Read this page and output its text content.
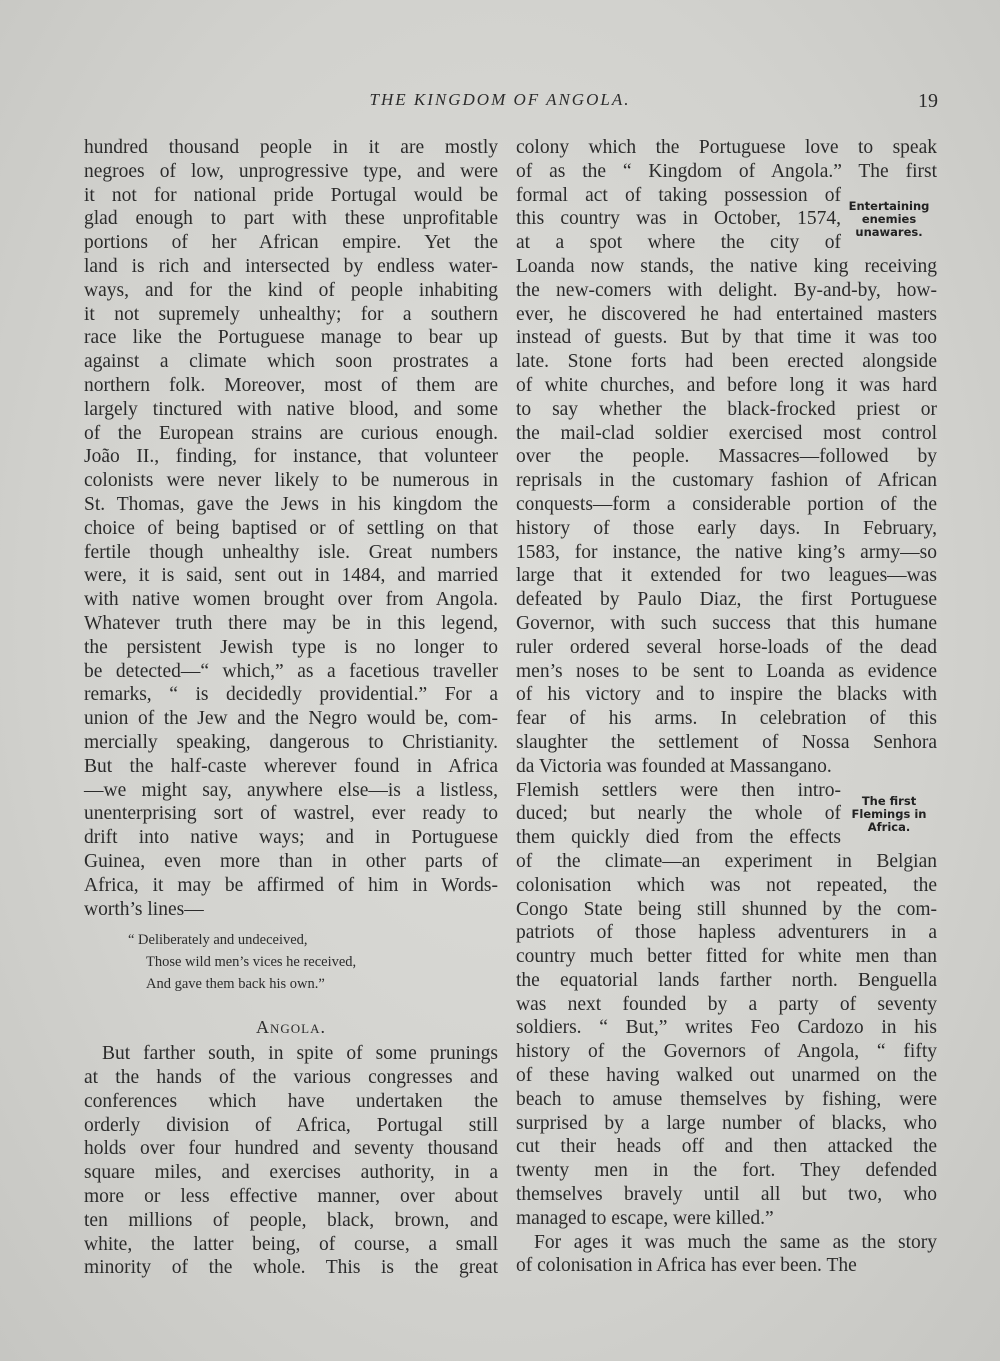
THE KINGDOM OF ANGOLA.	19
hundred thousand people in it are mostly
negroes of low, unprogressive type, and were
it not for national pride Portugal would be
glad enough to part with these unprofitable
portions of her African empire. Yet the
land is rich and intersected by endless water-
ways, and for the kind of people inhabiting
it not supremely unhealthy; for a southern
race like the Portuguese manage to bear up
against a climate which soon prostrates a
northern folk. Moreover, most of them are
largely tinctured with native blood, and some
of the European strains are curious enough.
João II., finding, for instance, that volunteer
colonists were never likely to be numerous in
St. Thomas, gave the Jews in his kingdom the
choice of being baptised or of settling on that
fertile though unhealthy isle. Great numbers
were, it is said, sent out in 1484, and married
with native women brought over from Angola.
Whatever truth there may be in this legend,
the persistent Jewish type is no longer to
be detected—“ which,” as a facetious traveller
remarks, “ is decidedly providential.” For a
union of the Jew and the Negro would be, com-
mercially speaking, dangerous to Christianity.
But the half-caste wherever found in Africa
—we might say, anywhere else—is a listless,
unenterprising sort of wastrel, ever ready to
drift into native ways; and in Portuguese
Guinea, even more than in other parts of
Africa, it may be affirmed of him in Words-
worth’s lines—
“ Deliberately and undeceived,
Those wild men’s vices he received,
And gave them back his own.”
Angola.
But farther south, in spite of some prunings
at the hands of the various congresses and
conferences which have undertaken the
orderly division of Africa, Portugal still
holds over four hundred and seventy thousand
square miles, and exercises authority, in a
more or less effective manner, over about
ten millions of people, black, brown, and
white, the latter being, of course, a small
minority of the whole. This is the great
colony which the Portuguese love to speak
of as the “ Kingdom of Angola.” The first
formal act of taking possession of
this country was in October, 1574,
at a spot where the city of
Entertaining enemies unawares.
Loanda now stands, the native king receiving
the new-comers with delight. By-and-by, how-
ever, he discovered he had entertained masters
instead of guests. But by that time it was too
late. Stone forts had been erected alongside
of white churches, and before long it was hard
to say whether the black-frocked priest or
the mail-clad soldier exercised most control
over the people. Massacres—followed by
reprisals in the customary fashion of African
conquests—form a considerable portion of the
history of those early days. In February,
1583, for instance, the native king’s army—so
large that it extended for two leagues—was
defeated by Paulo Diaz, the first Portuguese
Governor, with such success that this humane
ruler ordered several horse-loads of the dead
men’s noses to be sent to Loanda as evidence
of his victory and to inspire the blacks with
fear of his arms. In celebration of this
slaughter the settlement of Nossa Senhora
da Victoria was founded at Massangano.
Flemish settlers were then intro-
duced; but nearly the whole of
them quickly died from the effects
The first Flemings in Africa.
of the climate—an experiment in Belgian
colonisation which was not repeated, the
Congo State being still shunned by the com-
patriots of those hapless adventurers in a
country much better fitted for white men than
the equatorial lands farther north. Benguella
was next founded by a party of seventy
soldiers. “ But,” writes Feo Cardozo in his
history of the Governors of Angola, “ fifty
of these having walked out unarmed on the
beach to amuse themselves by fishing, were
surprised by a large number of blacks, who
cut their heads off and then attacked the
twenty men in the fort. They defended
themselves bravely until all but two, who
managed to escape, were killed.”
For ages it was much the same as the story
of colonisation in Africa has ever been. The
